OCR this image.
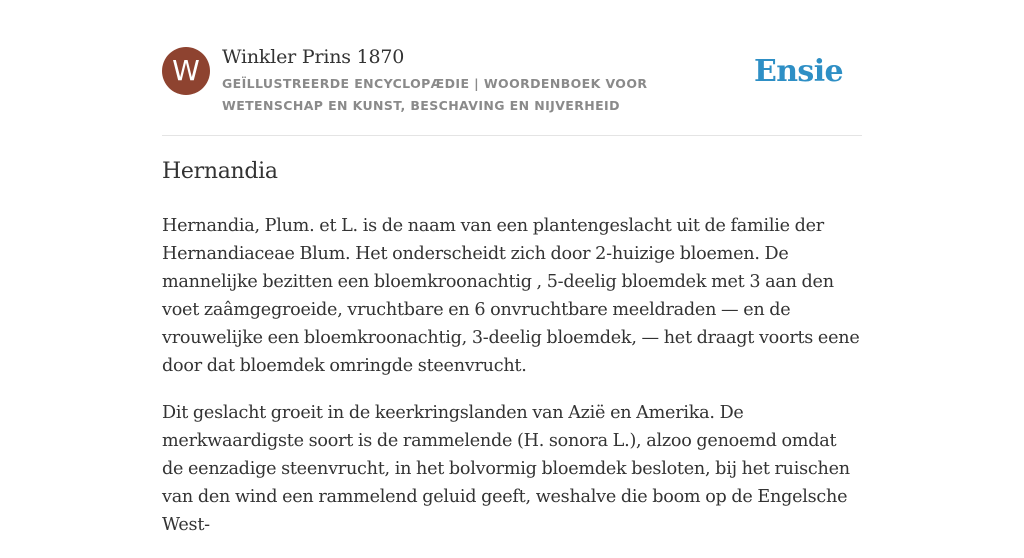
W	Winkler Prins 1870
GEÏLLUSTREERDE ENCYCLOPÆDIE | WOORDENBOEK VOOR WETENSCHAP EN KUNST, BESCHAVING EN NIJVERHEID
Ensie
Hernandia

Hernandia, Plum. et L. is de naam van een plantengeslacht uit de familie der Hernandiaceae Blum. Het onderscheidt zich door 2-huizige bloemen. De mannelijke bezitten een bloemkroonachtig , 5-deelig bloemdek met 3 aan den voet zaâmgegroeide, vruchtbare en 6 onvruchtbare meeldraden — en de vrouwelijke een bloemkroonachtig, 3-deelig bloemdek, — het draagt voorts eene door dat bloemdek omringde steenvrucht.

Dit geslacht groeit in de keerkringslanden van Azië en Amerika. De merkwaardigste soort is de rammelende (H. sonora L.), alzoo genoemd omdat de eenzadige steenvrucht, in het bolvormig bloemdek besloten, bij het ruischen van den wind een rammelend geluid geeft, weshalve die boom op de Engelsche West-
